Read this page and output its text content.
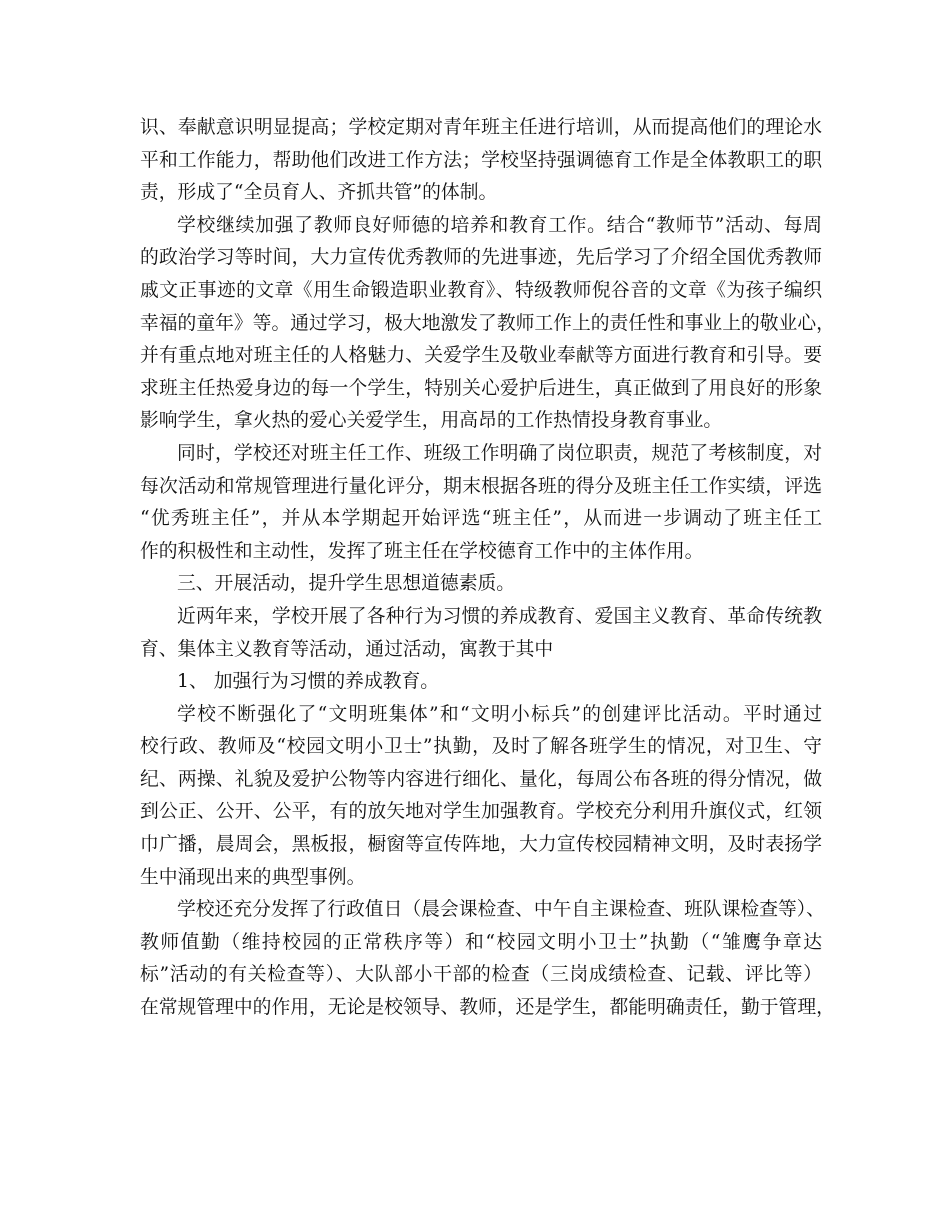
识、奉献意识明显提高；学校定期对青年班主任进行培训，从而提高他们的理论水
平和工作能力，帮助他们改进工作方法；学校坚持强调德育工作是全体教职工的职
责，形成了“全员育人、齐抓共管”的体制。
学校继续加强了教师良好师德的培养和教育工作。结合“教师节”活动、每周
的政治学习等时间，大力宣传优秀教师的先进事迹，先后学习了介绍全国优秀教师
戚文正事迹的文章《用生命锻造职业教育》、特级教师倪谷音的文章《为孩子编织
幸福的童年》等。通过学习，极大地激发了教师工作上的责任性和事业上的敬业心，
并有重点地对班主任的人格魅力、关爱学生及敬业奉献等方面进行教育和引导。要
求班主任热爱身边的每一个学生，特别关心爱护后进生，真正做到了用良好的形象
影响学生，拿火热的爱心关爱学生，用高昂的工作热情投身教育事业。
同时，学校还对班主任工作、班级工作明确了岗位职责，规范了考核制度，对
每次活动和常规管理进行量化评分，期末根据各班的得分及班主任工作实绩，评选
“优秀班主任”，并从本学期起开始评选“班主任”，从而进一步调动了班主任工
作的积极性和主动性，发挥了班主任在学校德育工作中的主体作用。
三、开展活动，提升学生思想道德素质。
近两年来，学校开展了各种行为习惯的养成教育、爱国主义教育、革命传统教
育、集体主义教育等活动，通过活动，寓教于其中
1、 加强行为习惯的养成教育。
学校不断强化了“文明班集体”和“文明小标兵”的创建评比活动。平时通过
校行政、教师及“校园文明小卫士”执勤，及时了解各班学生的情况，对卫生、守
纪、两操、礼貌及爱护公物等内容进行细化、量化，每周公布各班的得分情况，做
到公正、公开、公平，有的放矢地对学生加强教育。学校充分利用升旗仪式，红领
巾广播，晨周会，黑板报，橱窗等宣传阵地，大力宣传校园精神文明，及时表扬学
生中涌现出来的典型事例。
学校还充分发挥了行政值日（晨会课检查、中午自主课检查、班队课检查等）、
教师值勤（维持校园的正常秩序等）和“校园文明小卫士”执勤（“雏鹰争章达
标”活动的有关检查等）、大队部小干部的检查（三岗成绩检查、记载、评比等）
在常规管理中的作用，无论是校领导、教师，还是学生，都能明确责任，勤于管理，
